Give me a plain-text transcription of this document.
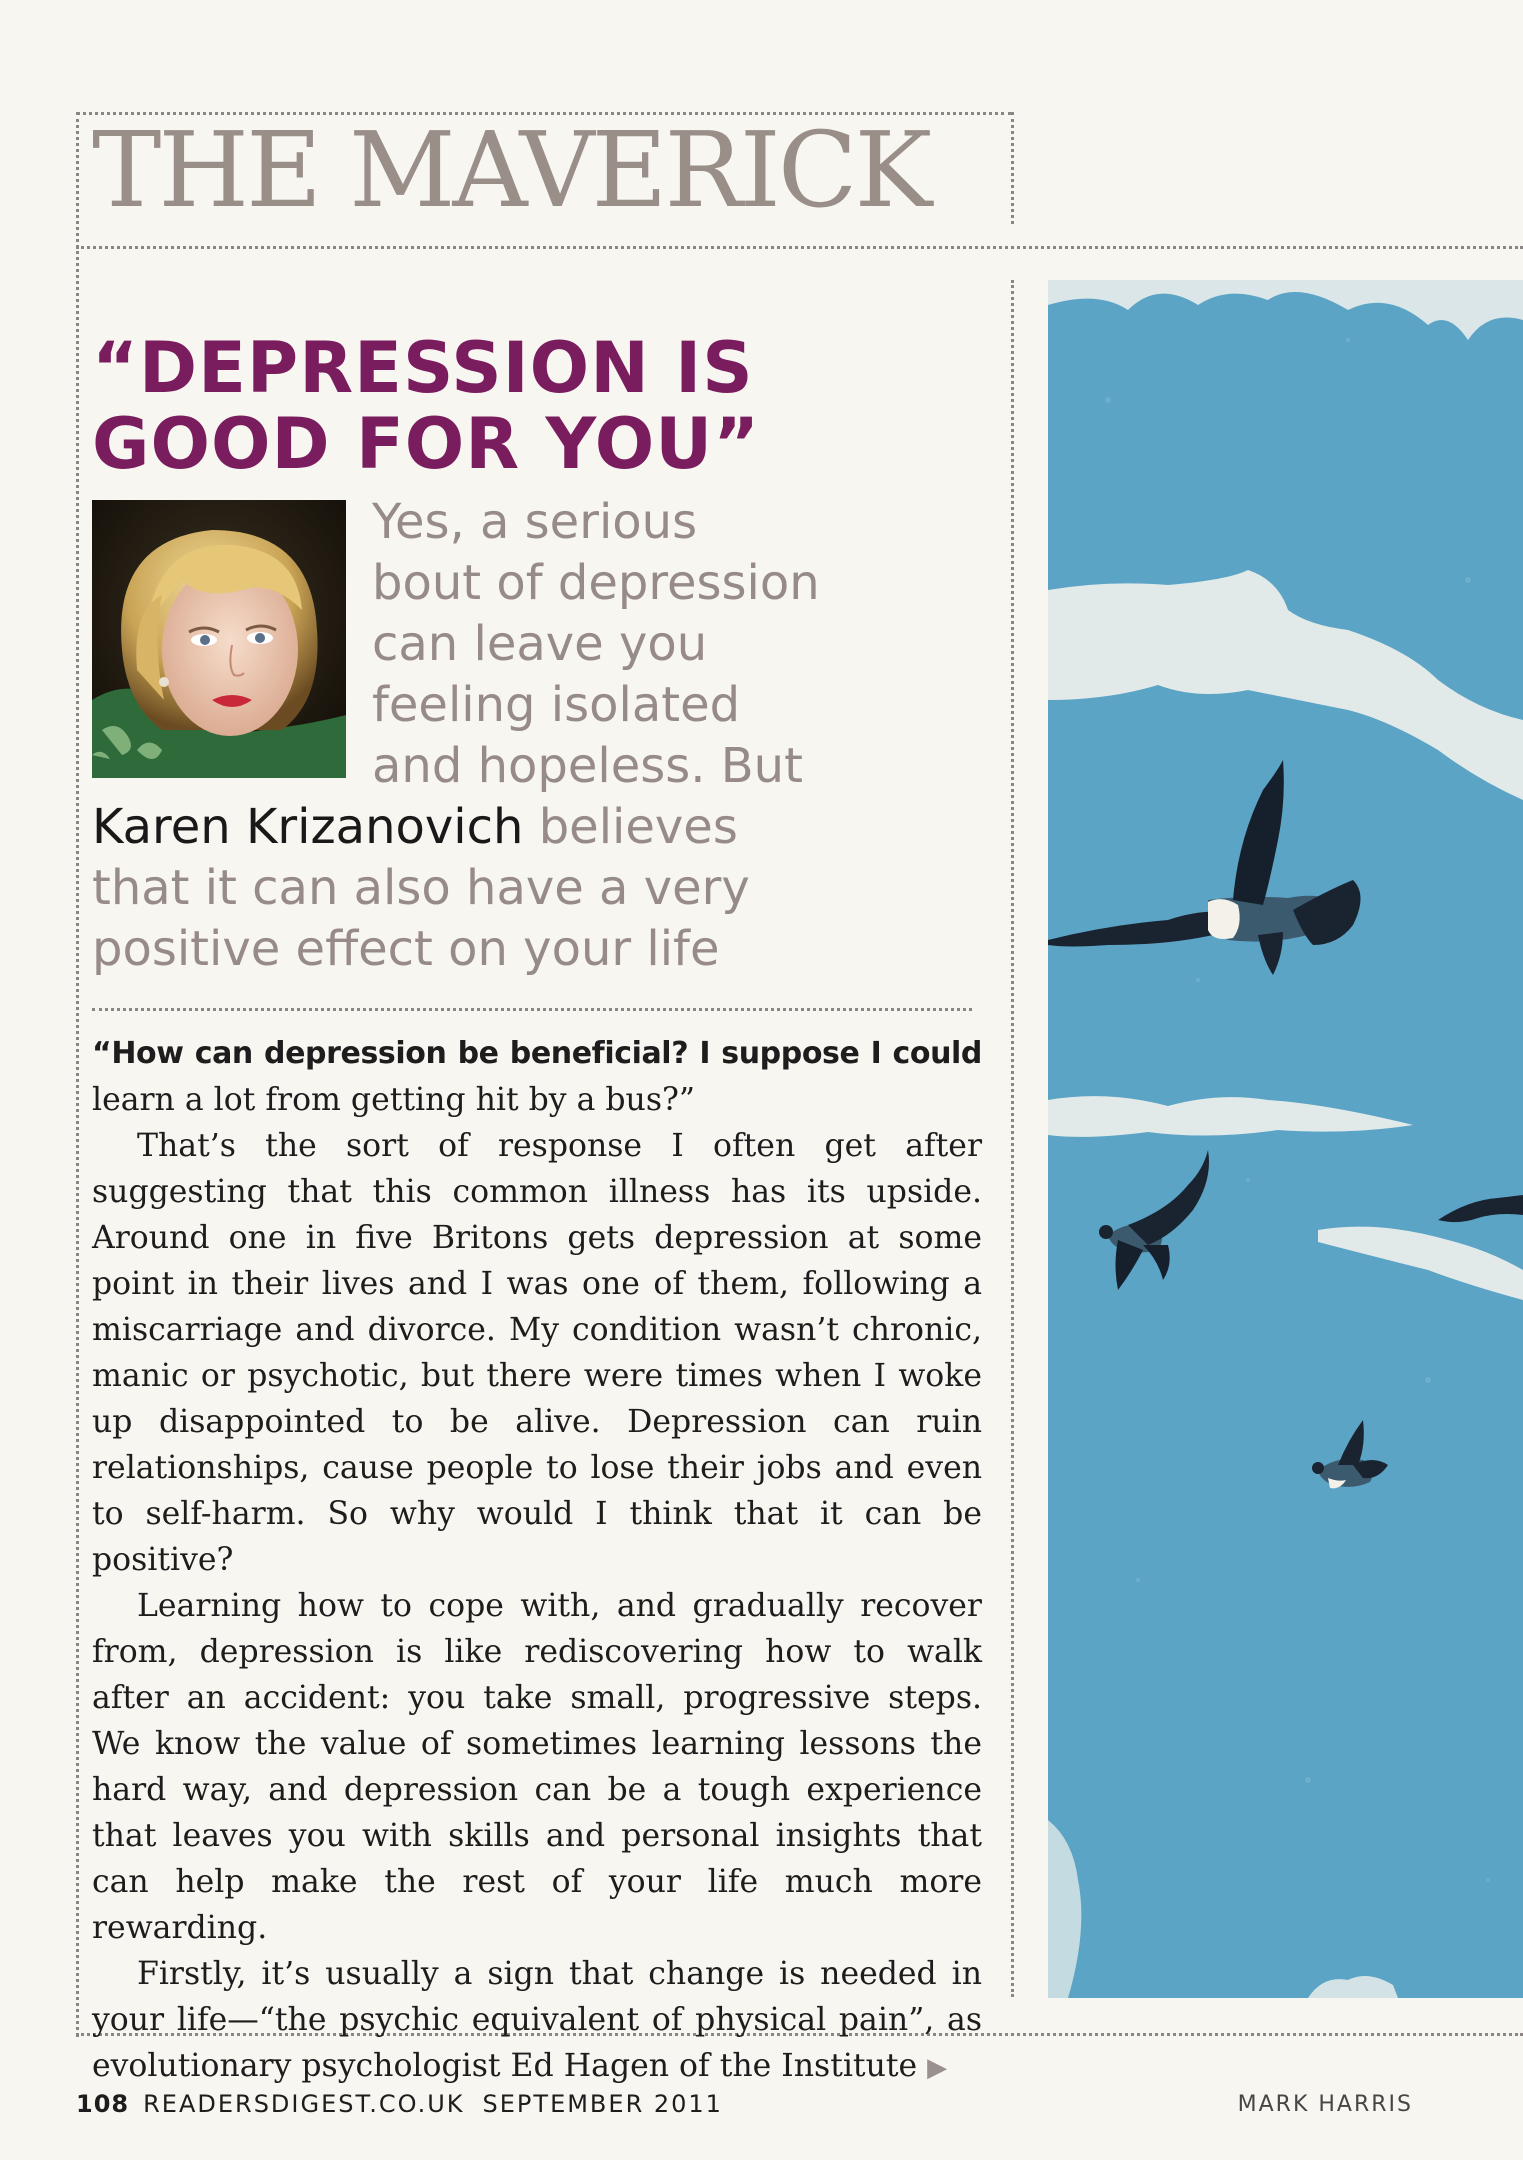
THE MAVERICK
“DEPRESSION IS
GOOD FOR YOU”
Yes, a serious
bout of depression
can leave you
feeling isolated
and hopeless. But
Karen Krizanovich believes
that it can also have a very
positive effect on your life

“How can depression be beneficial? I suppose I could learn a lot from getting hit by a bus?”

That’s the sort of response I often get after suggesting that this common illness has its upside. Around one in five Britons gets depression at some point in their lives and I was one of them, following a miscarriage and divorce. My condition wasn’t chronic, manic or psychotic, but there were times when I woke up disappointed to be alive. Depression can ruin relationships, cause people to lose their jobs and even to self-harm. So why would I think that it can be positive?

Learning how to cope with, and gradually recover from, depression is like rediscovering how to walk after an accident: you take small, progressive steps. We know the value of sometimes learning lessons the hard way, and depression can be a tough experience that leaves you with skills and personal insights that can help make the rest of your life much more rewarding.

Firstly, it’s usually a sign that change is needed in your life—“the psychic equivalent of physical pain”, as evolutionary psychologist Ed Hagen of the Institute ▶

108 READERSDIGEST.CO.UK SEPTEMBER 2011	MARK HARRIS
